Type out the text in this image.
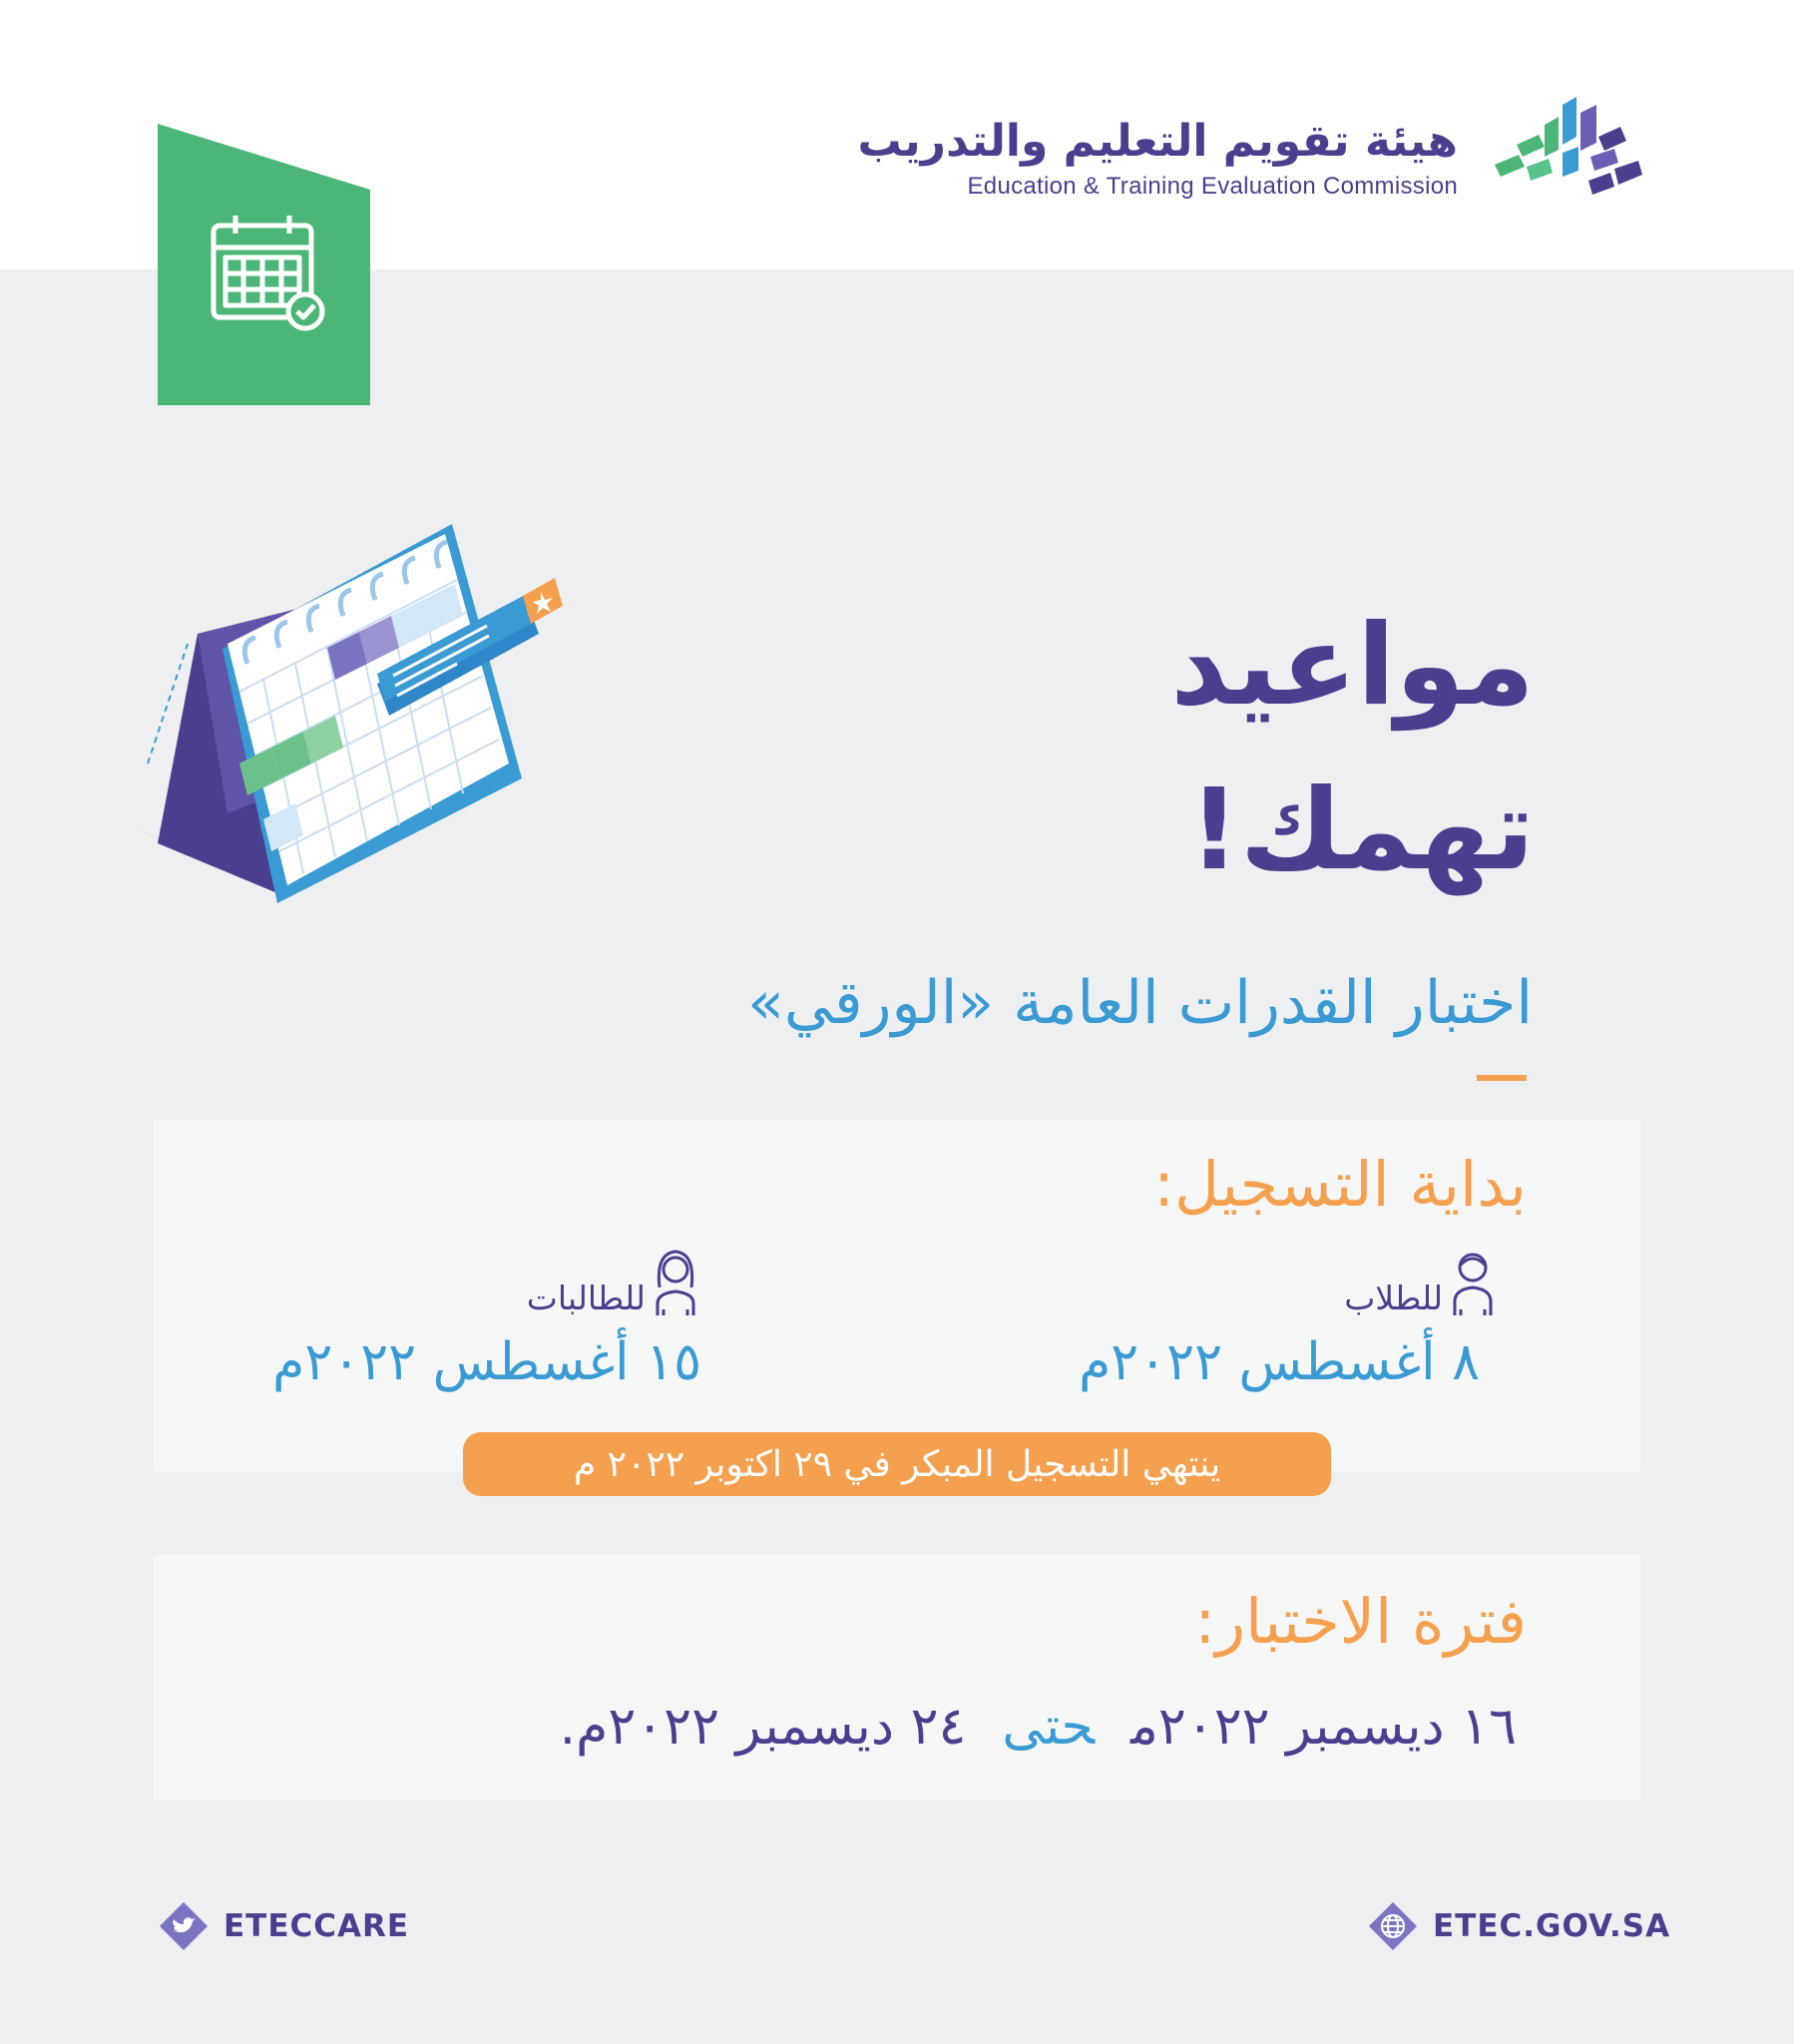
هيئة تقويم التعليم والتدريب
Education & Training Evaluation Commission
مواعيد
تهمك!
اختبار القدرات العامة «الورقي»
بداية التسجيل:
للطلاب
٨ أغسطس ٢٠٢٢م
للطالبات
١٥ أغسطس ٢٠٢٢م
ينتهي التسجيل المبكر في ٢٩ اكتوبر ٢٠٢٢ م
فترة الاختبار:
١٦ ديسمبر ٢٠٢٢محتى٢٤ ديسمبر ٢٠٢٢م.
ETECCARE	ETEC.GOV.SA
